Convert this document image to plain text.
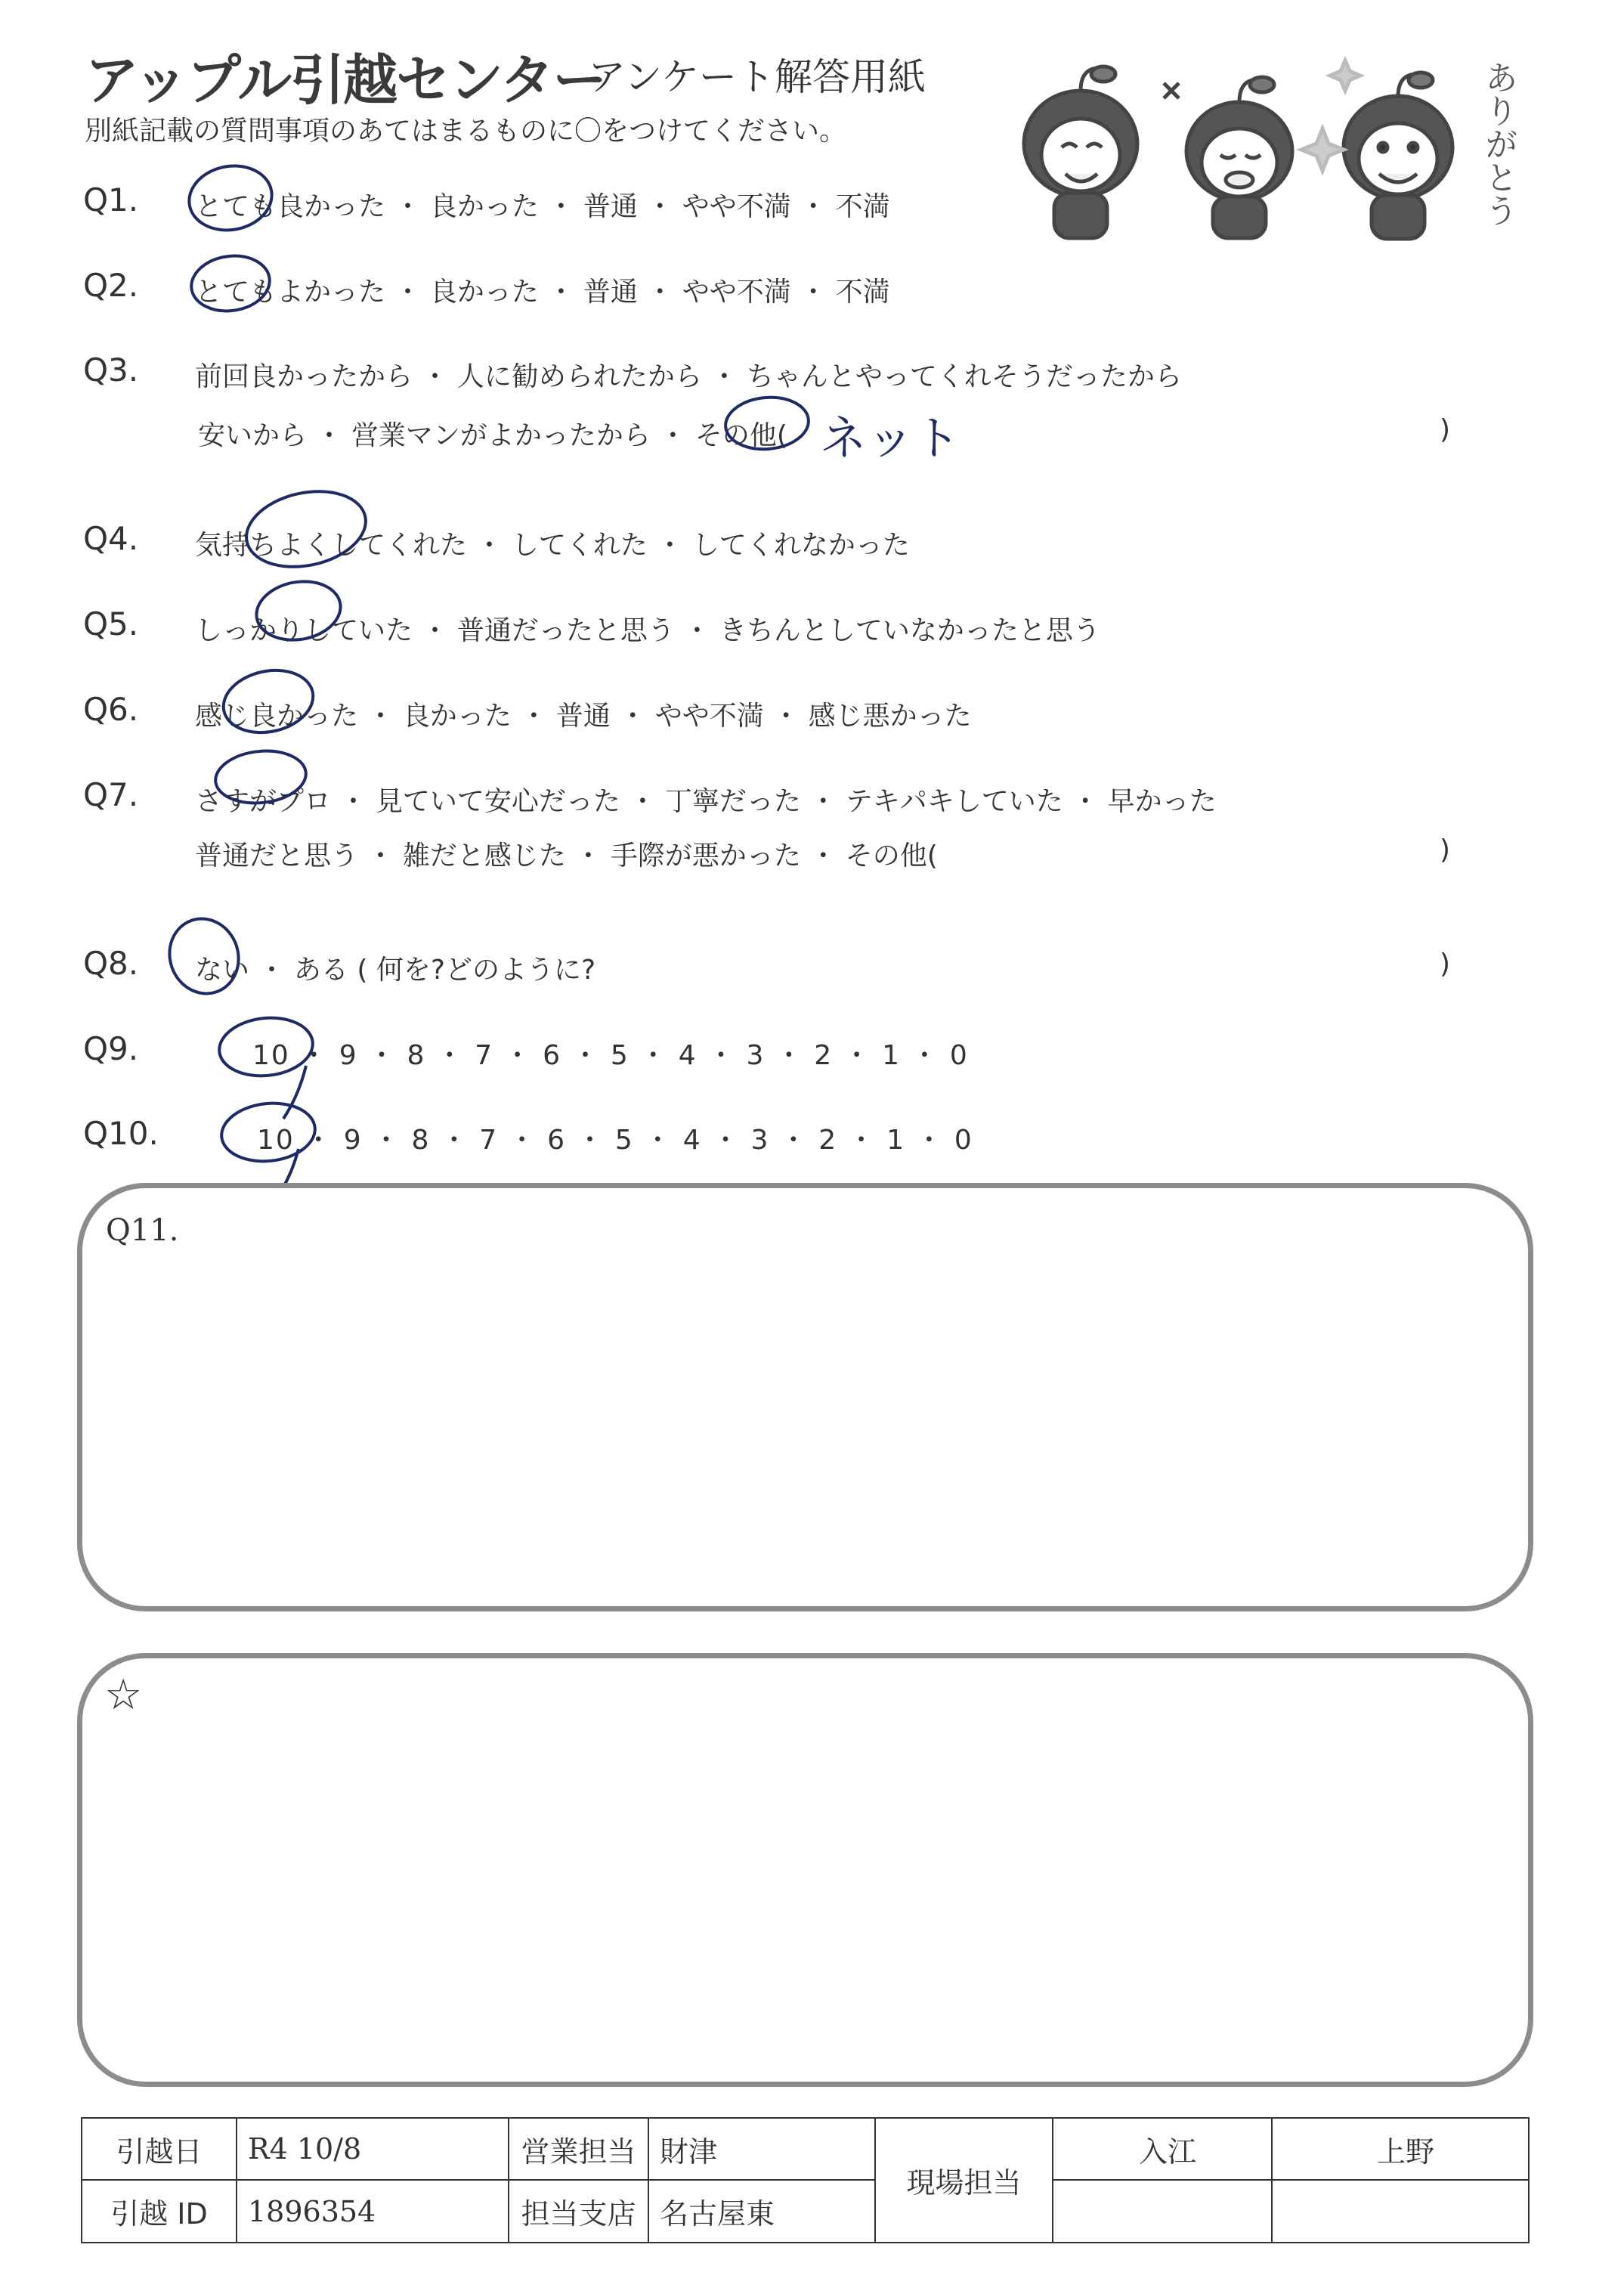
アップル引越センター
アンケート解答用紙
別紙記載の質問事項のあてはまるものに〇をつけてください。	ありがとう
Q1. とても良かった ・ 良かった ・ 普通 ・ やや不満 ・ 不満
Q2. とてもよかった ・ 良かった ・ 普通 ・ やや不満 ・ 不満
Q3. 前回良かったから ・ 人に勧められたから ・ ちゃんとやってくれそうだったから
安いから ・ 営業マンがよかったから ・ その他( ネット	)
Q4. 気持ちよくしてくれた ・ してくれた ・ してくれなかった
Q5. しっかりしていた ・ 普通だったと思う ・ きちんとしていなかったと思う
Q6. 感じ良かった ・ 良かった ・ 普通 ・ やや不満 ・ 感じ悪かった
Q7. さすがプロ ・ 見ていて安心だった ・ 丁寧だった ・ テキパキしていた ・ 早かった
普通だと思う ・ 雑だと感じた ・ 手際が悪かった ・ その他(	)
Q8. ない ・ ある ( 何を?どのように?	)
Q9.	10 ・ 9 ・ 8 ・ 7 ・ 6 ・ 5 ・ 4 ・ 3 ・ 2 ・ 1 ・ 0
Q10.	10 ・ 9 ・ 8 ・ 7 ・ 6 ・ 5 ・ 4 ・ 3 ・ 2 ・ 1 ・ 0
Q11.
☆
引越日	R4 10/8	営業担当	財津	現場担当	入江	上野
引越 ID	1896354	担当支店	名古屋東			
